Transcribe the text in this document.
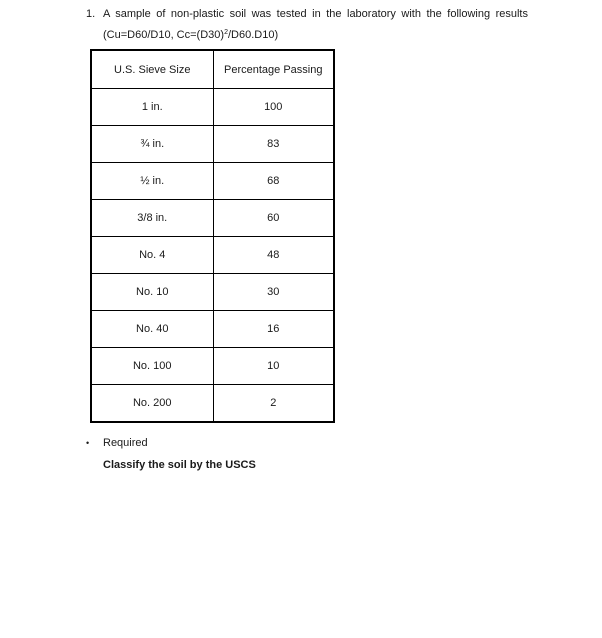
1. A sample of non-plastic soil was tested in the laboratory with the following results
(Cu=D60/D10, $Cc=(D30)^2/D60.D10$)
U.S. Sieve Size	Percentage Passing
1 in.	100
¾ in.	83
½ in.	68
3/8 in.	60
No. 4	48
No. 10	30
No. 40	16
No. 100	10
No. 200	2
•	Required
Classify the soil by the USCS
